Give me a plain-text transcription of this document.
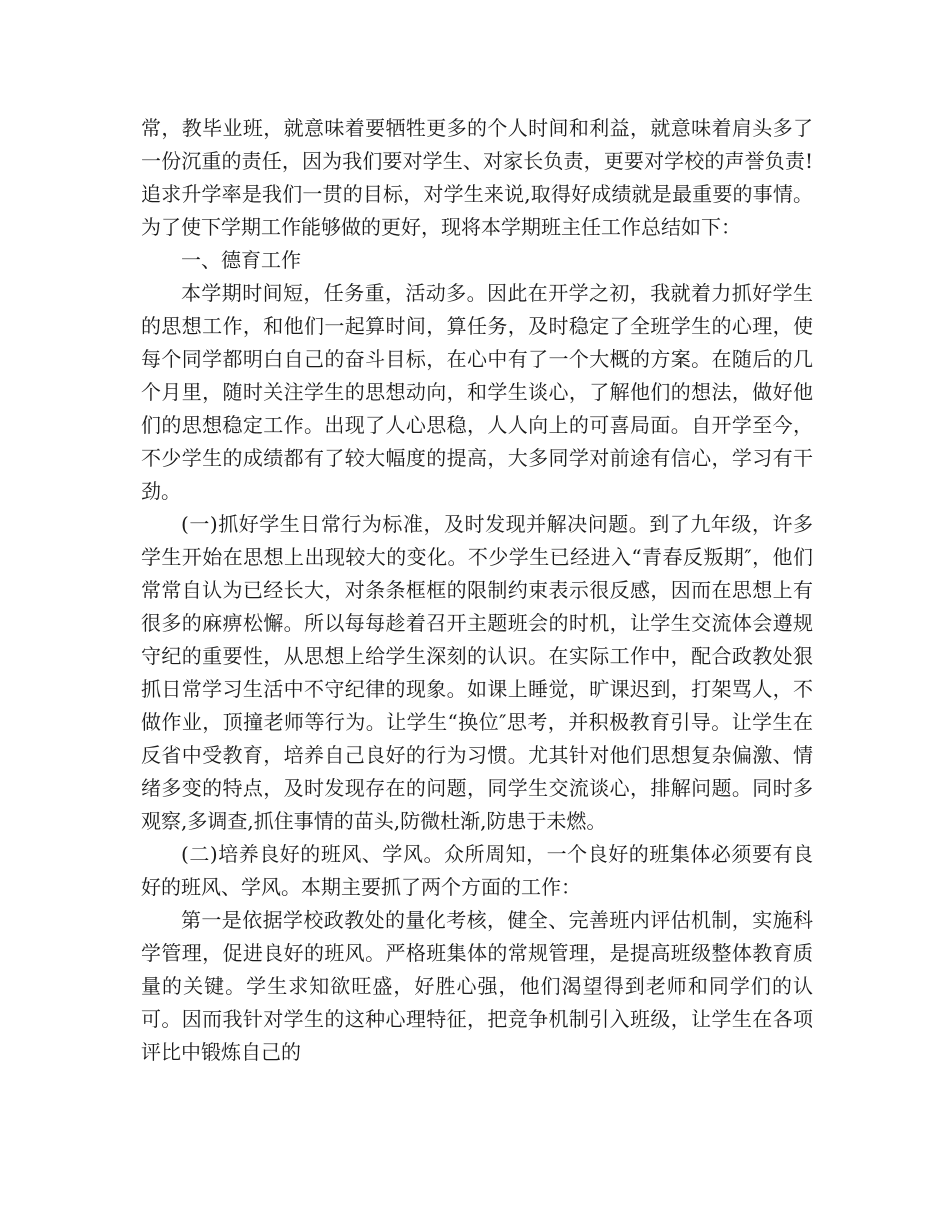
常，教毕业班，就意味着要牺牲更多的个人时间和利益，就意味着肩头多了一份沉重的责任，因为我们要对学生、对家长负责，更要对学校的声誉负责!追求升学率是我们一贯的目标，对学生来说,取得好成绩就是最重要的事情。为了使下学期工作能够做的更好，现将本学期班主任工作总结如下：

一、德育工作

本学期时间短，任务重，活动多。因此在开学之初，我就着力抓好学生的思想工作，和他们一起算时间，算任务，及时稳定了全班学生的心理，使每个同学都明白自己的奋斗目标，在心中有了一个大概的方案。在随后的几个月里，随时关注学生的思想动向，和学生谈心，了解他们的想法，做好他们的思想稳定工作。出现了人心思稳，人人向上的可喜局面。自开学至今，不少学生的成绩都有了较大幅度的提高，大多同学对前途有信心，学习有干劲。

(一)抓好学生日常行为标准，及时发现并解决问题。到了九年级，许多学生开始在思想上出现较大的变化。不少学生已经进入“青春反叛期″，他们常常自认为已经长大，对条条框框的限制约束表示很反感，因而在思想上有很多的麻痹松懈。所以每每趁着召开主题班会的时机，让学生交流体会遵规守纪的重要性，从思想上给学生深刻的认识。在实际工作中，配合政教处狠抓日常学习生活中不守纪律的现象。如课上睡觉，旷课迟到，打架骂人，不做作业，顶撞老师等行为。让学生“换位″思考，并积极教育引导。让学生在反省中受教育，培养自己良好的行为习惯。尤其针对他们思想复杂偏激、情绪多变的特点，及时发现存在的问题，同学生交流谈心，排解问题。同时多观察,多调查,抓住事情的苗头,防微杜渐,防患于未燃。

(二)培养良好的班风、学风。众所周知，一个良好的班集体必须要有良好的班风、学风。本期主要抓了两个方面的工作：

第一是依据学校政教处的量化考核，健全、完善班内评估机制，实施科学管理，促进良好的班风。严格班集体的常规管理，是提高班级整体教育质量的关键。学生求知欲旺盛，好胜心强，他们渴望得到老师和同学们的认可。因而我针对学生的这种心理特征，把竞争机制引入班级，让学生在各项评比中锻炼自己的
